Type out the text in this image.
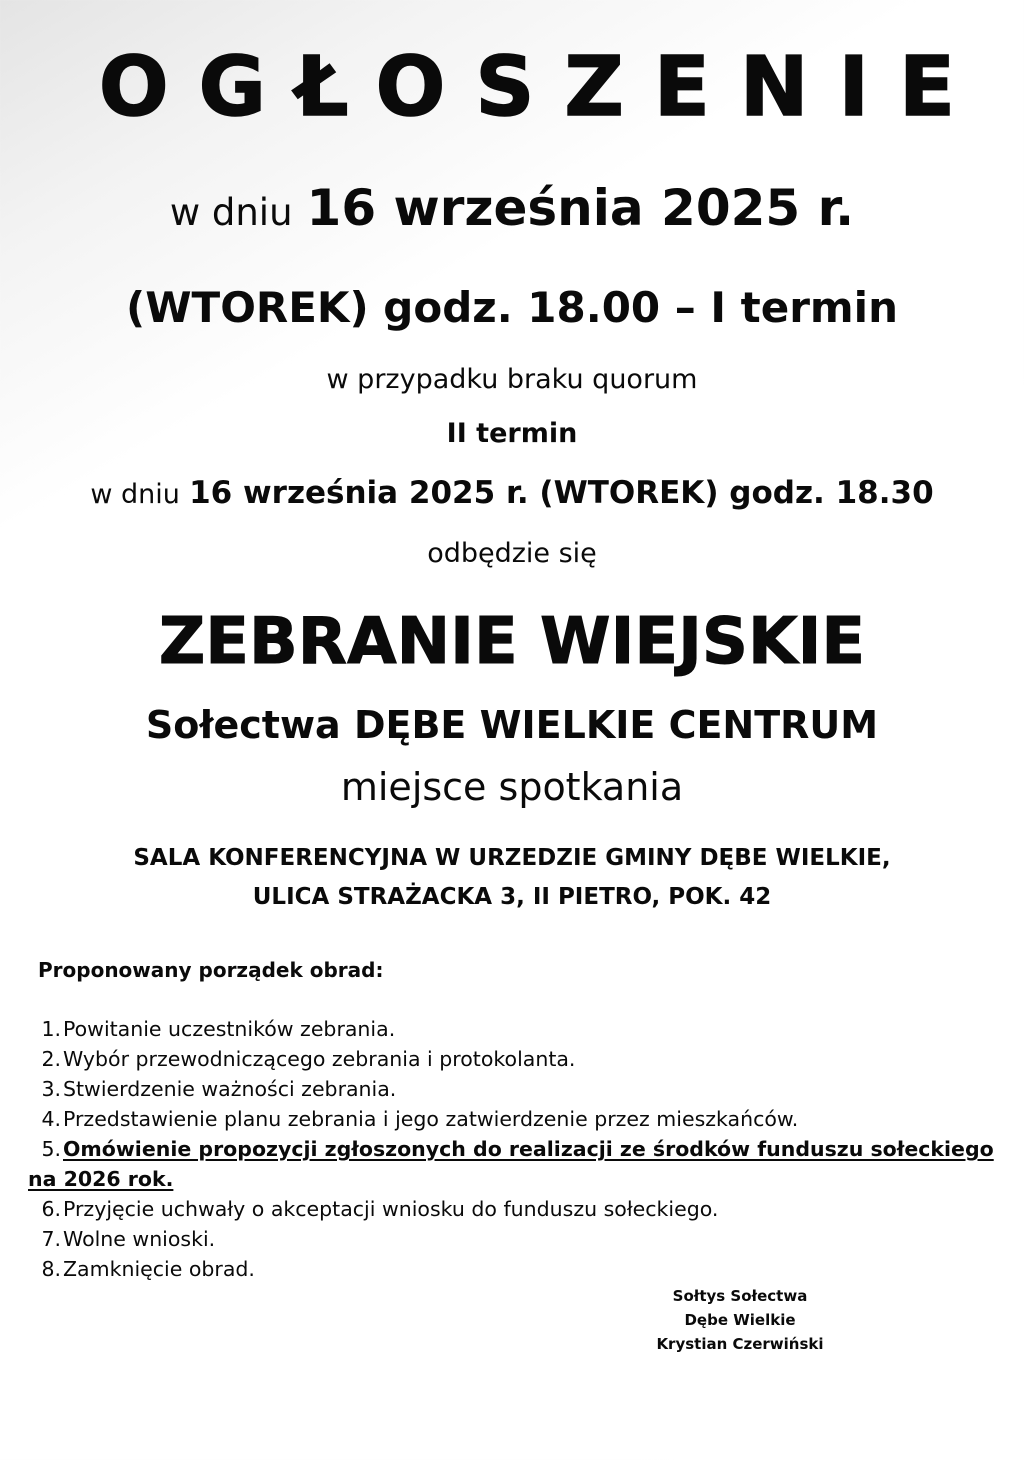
OGŁOSZENIE
w dniu 16 września 2025 r.
(WTOREK) godz. 18.00 – I termin
w przypadku braku quorum
II termin
w dniu 16 września 2025 r. (WTOREK) godz. 18.30
odbędzie się
ZEBRANIE WIEJSKIE
Sołectwa DĘBE WIELKIE CENTRUM
miejsce spotkania
SALA KONFERENCYJNA W URZEDZIE GMINY DĘBE WIELKIE,
ULICA STRAŻACKA 3, II PIETRO, POK. 42
Proponowany porządek obrad:
1.Powitanie uczestników zebrania.
2.Wybór przewodniczącego zebrania i protokolanta.
3.Stwierdzenie ważności zebrania.
4.Przedstawienie planu zebrania i jego zatwierdzenie przez mieszkańców.
5.Omówienie propozycji zgłoszonych do realizacji ze środków funduszu sołeckiego na 2026 rok.
6.Przyjęcie uchwały o akceptacji wniosku do funduszu sołeckiego.
7.Wolne wnioski.
8.Zamknięcie obrad.
Sołtys Sołectwa
Dębe Wielkie
Krystian Czerwiński
